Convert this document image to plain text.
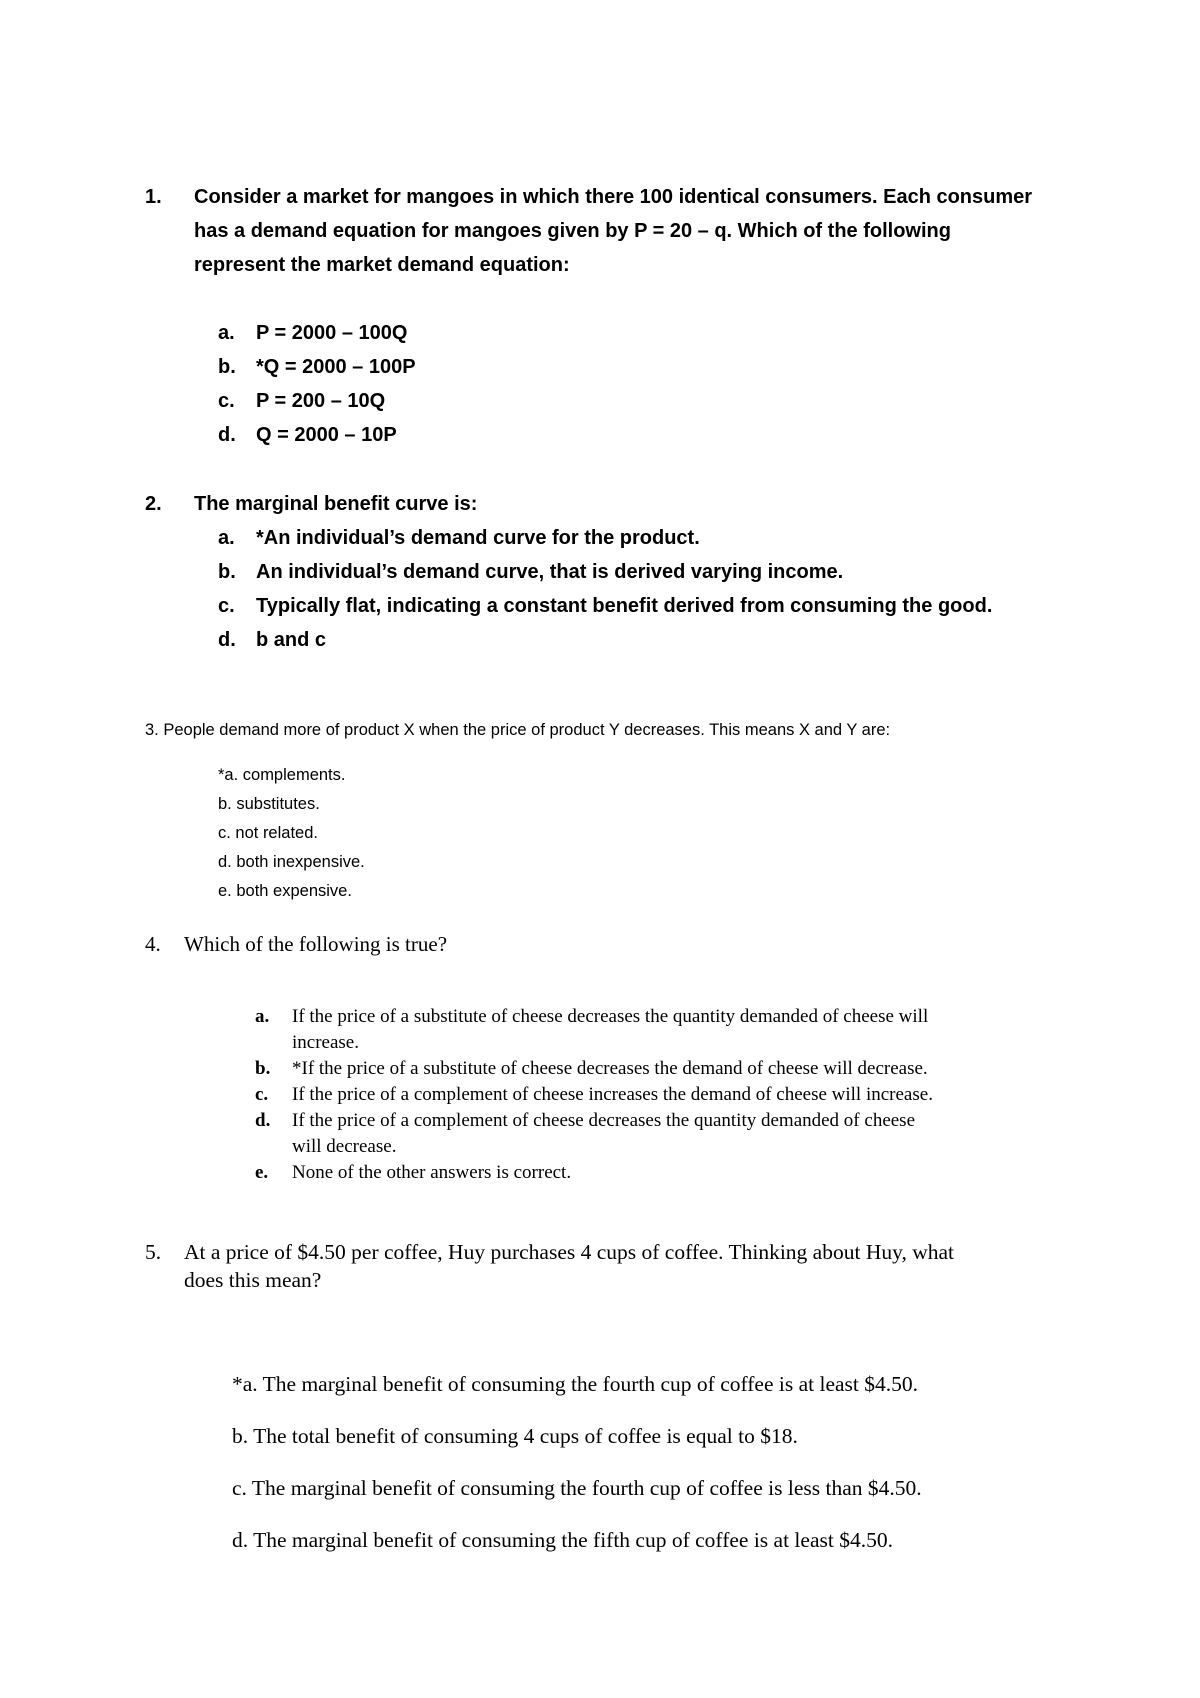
1. Consider a market for mangoes in which there 100 identical consumers. Each consumer
has a demand equation for mangoes given by P = 20 – q. Which of the following
represent the market demand equation:
a. P = 2000 – 100Q
b. *Q = 2000 – 100P
c. P = 200 – 10Q
d. Q = 2000 – 10P
2. The marginal benefit curve is:
a. *An individual’s demand curve for the product.
b. An individual’s demand curve, that is derived varying income.
c. Typically flat, indicating a constant benefit derived from consuming the good.
d. b and c
3. People demand more of product X when the price of product Y decreases. This means X and Y are:
*a. complements.
b. substitutes.
c. not related.
d. both inexpensive.
e. both expensive.
4. Which of the following is true?
a. If the price of a substitute of cheese decreases the quantity demanded of cheese will
increase.
b. *If the price of a substitute of cheese decreases the demand of cheese will decrease.
c. If the price of a complement of cheese increases the demand of cheese will increase.
d. If the price of a complement of cheese decreases the quantity demanded of cheese
will decrease.
e. None of the other answers is correct.
5. At a price of $4.50 per coffee, Huy purchases 4 cups of coffee. Thinking about Huy, what
does this mean?
*a. The marginal benefit of consuming the fourth cup of coffee is at least $4.50.
b. The total benefit of consuming 4 cups of coffee is equal to $18.
c. The marginal benefit of consuming the fourth cup of coffee is less than $4.50.
d. The marginal benefit of consuming the fifth cup of coffee is at least $4.50.
